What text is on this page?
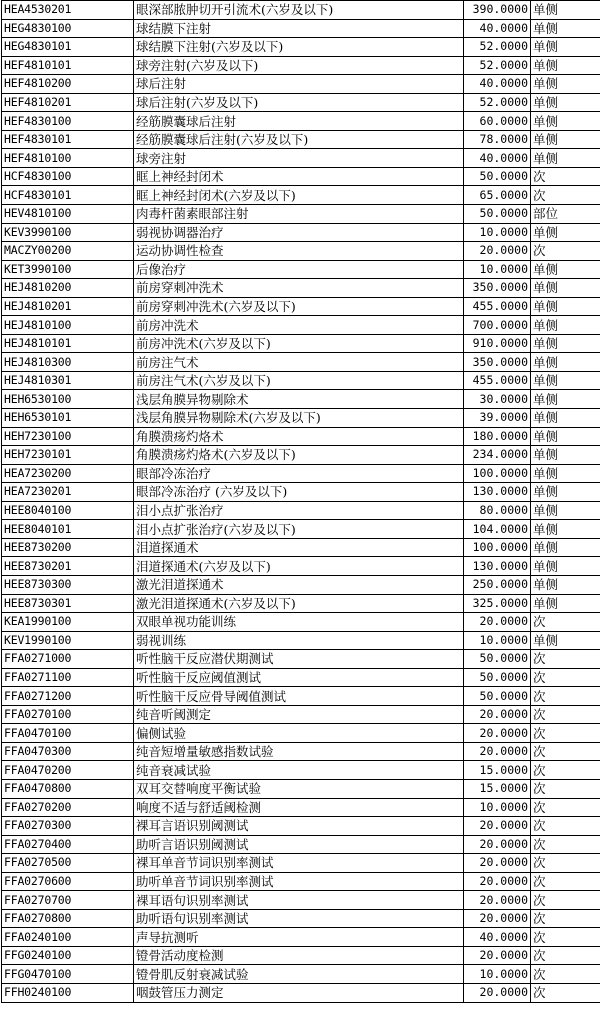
HEA4530201	眼深部脓肿切开引流术(六岁及以下)	390.0000	单侧
HEG4830100	球结膜下注射	40.0000	单侧
HEG4830101	球结膜下注射(六岁及以下)	52.0000	单侧
HEF4810101	球旁注射(六岁及以下)	52.0000	单侧
HEF4810200	球后注射	40.0000	单侧
HEF4810201	球后注射(六岁及以下)	52.0000	单侧
HEF4830100	经筋膜囊球后注射	60.0000	单侧
HEF4830101	经筋膜囊球后注射(六岁及以下)	78.0000	单侧
HEF4810100	球旁注射	40.0000	单侧
HCF4830100	眶上神经封闭术	50.0000	次
HCF4830101	眶上神经封闭术(六岁及以下)	65.0000	次
HEV4810100	肉毒杆菌素眼部注射	50.0000	部位
KEV3990100	弱视协调器治疗	10.0000	单侧
MACZY00200	运动协调性检查	20.0000	次
KET3990100	后像治疗	10.0000	单侧
HEJ4810200	前房穿刺冲洗术	350.0000	单侧
HEJ4810201	前房穿刺冲洗术(六岁及以下)	455.0000	单侧
HEJ4810100	前房冲洗术	700.0000	单侧
HEJ4810101	前房冲洗术(六岁及以下)	910.0000	单侧
HEJ4810300	前房注气术	350.0000	单侧
HEJ4810301	前房注气术(六岁及以下)	455.0000	单侧
HEH6530100	浅层角膜异物剔除术	30.0000	单侧
HEH6530101	浅层角膜异物剔除术(六岁及以下)	39.0000	单侧
HEH7230100	角膜溃疡灼烙术	180.0000	单侧
HEH7230101	角膜溃疡灼烙术(六岁及以下)	234.0000	单侧
HEA7230200	眼部冷冻治疗	100.0000	单侧
HEA7230201	眼部冷冻治疗 (六岁及以下)	130.0000	单侧
HEE8040100	泪小点扩张治疗	80.0000	单侧
HEE8040101	泪小点扩张治疗(六岁及以下)	104.0000	单侧
HEE8730200	泪道探通术	100.0000	单侧
HEE8730201	泪道探通术(六岁及以下)	130.0000	单侧
HEE8730300	激光泪道探通术	250.0000	单侧
HEE8730301	激光泪道探通术(六岁及以下)	325.0000	单侧
KEA1990100	双眼单视功能训练	20.0000	次
KEV1990100	弱视训练	10.0000	单侧
FFA0271000	听性脑干反应潜伏期测试	50.0000	次
FFA0271100	听性脑干反应阈值测试	50.0000	次
FFA0271200	听性脑干反应骨导阈值测试	50.0000	次
FFA0270100	纯音听阈测定	20.0000	次
FFA0470100	偏侧试验	20.0000	次
FFA0470300	纯音短增量敏感指数试验	20.0000	次
FFA0470200	纯音衰减试验	15.0000	次
FFA0470800	双耳交替响度平衡试验	15.0000	次
FFA0270200	响度不适与舒适阈检测	10.0000	次
FFA0270300	裸耳言语识别阈测试	20.0000	次
FFA0270400	助听言语识别阈测试	20.0000	次
FFA0270500	裸耳单音节词识别率测试	20.0000	次
FFA0270600	助听单音节词识别率测试	20.0000	次
FFA0270700	裸耳语句识别率测试	20.0000	次
FFA0270800	助听语句识别率测试	20.0000	次
FFA0240100	声导抗测听	40.0000	次
FFG0240100	镫骨活动度检测	20.0000	次
FFG0470100	镫骨肌反射衰减试验	10.0000	次
FFH0240100	咽鼓管压力测定	20.0000	次
